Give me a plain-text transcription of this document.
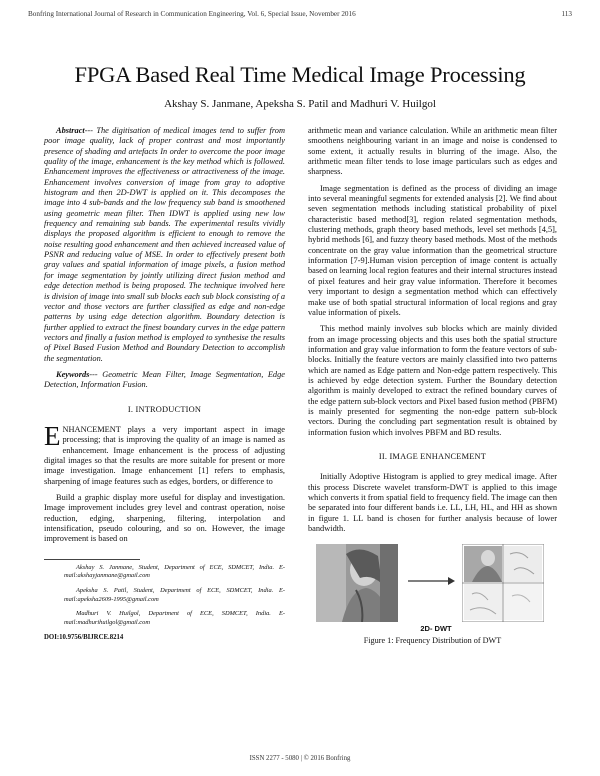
Bonfring International Journal of Research in Communication Engineering, Vol. 6, Special Issue, November 2016	113
FPGA Based Real Time Medical Image Processing
Akshay S. Janmane, Apeksha S. Patil and Madhuri V. Huilgol

Abstract--- The digitisation of medical images tend to suffer from poor image quality, lack of proper contrast and most importantly presence of shading and artefacts In order to overcome the poor image quality of the image, enhancement is the key method which is followed. Enhancement improves the effectiveness or attractiveness of the image. Enhancement involves conversion of image from gray to adoptive histogram and then 2D-DWT is applied on it. This decomposes the image into 4 sub-bands and the low frequency sub band is smoothened using geometric mean filter. Then IDWT is applied using new low frequency and remaining sub bands. The experimental results vividly displays the proposed algorithm is efficient to enough to remove the noise resulting good enhancement and then achieved increased value of PSNR and reducing value of MSE. In order to effectively present both gray values and spatial information of image pixels, a fusion method for image segmentation by jointly utilizing direct fusion method and edge detection method is being proposed. The technique involved here is division of image into small sub blocks each sub block consisting of a vector and those vectors are further classified as edge and non-edge patterns by using edge detection algorithm. Boundary detection is further applied to extract the finest boundary curves in the edge pattern vectors and finally a fusion method is employed to synthesise the results of Pixel Based Fusion Method and Boundary Detection to accomplish the segmentation.

Keywords--- Geometric Mean Filter, Image Segmentation, Edge Detection, Information Fusion.

I. INTRODUCTION

ENHANCEMENT plays a very important aspect in image processing; that is improving the quality of an image is named as enhancement. Image enhancement is the process of adjusting digital images so that the results are more suitable for present or more image investigation. Image enhancement [1] refers to emphasis, sharpening of image features such as edges, borders, or difference to

Build a graphic display more useful for display and investigation. Image improvement includes grey level and contrast operation, noise reduction, edging, sharpening, filtering, interpolation and intensification, pseudo colouring, and so on. However, the image improvement is based on

Akshay S. Janmane, Student, Department of ECE, SDMCET, India. E-mail:akshayjanmane@gmail.com

Apeksha S. Patil, Student, Department of ECE, SDMCET, India. E-mail:apeksha2609-1995@gmail.com

Madhuri V. Huilgol, Department of ECE, SDMCET, India. E-mail:madhurihuilgol@gmail.com

DOI:10.9756/BIJRCE.8214

arithmetic mean and variance calculation. While an arithmetic mean filter smoothens neighbouring variant in an image and noise is condensed to some extent, it actually results in blurring of the image. Also, the arithmetic mean filter tends to lose image particulars such as edges and sharpness.

Image segmentation is defined as the process of dividing an image into several meaningful segments for extended analysis [2]. We find about seven segmentation methods including statistical probability of pixel characteristic based method[3], region related segmentation methods, clustering methods, graph theory based methods, level set methods [4,5], hybrid methods [6], and fuzzy theory based methods. Most of the methods concentrate on the gray value information than the geometrical structure information [7-9].Human vision perception of image content is actually based on learning local region features and their internal structures instead of pixel features and heir gray value information. Therefore it becomes very important to design a segmentation method which can effectively make use of both spatial structural information of local regions and gray value information of pixels.

This method mainly involves sub blocks which are mainly divided from an image processing objects and this uses both the spatial structure information and gray value information to form the feature vectors of sub-blocks. Initially the feature vectors are mainly classified into two patterns which are named as Edge pattern and Non-edge pattern respectively. This is achieved by edge detection system. Further the Boundary detection algorithm is mainly developed to extract the refined boundary curves of the edge pattern sub-block vectors and Pixel based fusion method (PBFM) is mainly presented for segmenting the non-edge pattern sub-block vectors. During the concluding part segmentation result is obtained by information fusion which involves PBFM and BD results.

II. IMAGE ENHANCEMENT

Initially Adoptive Histogram is applied to grey medical image. After this process Discrete wavelet transform-DWT is applied to this image which converts it from spatial field to frequency field. The image can then be separated into four different bands i.e. LL, LH, HL, and HH as shown in figure 1. LL band is chosen for further analysis because of lower bandwidth.

2D- DWT

Figure 1: Frequency Distribution of DWT

ISSN 2277 - 5080 | © 2016 Bonfring
